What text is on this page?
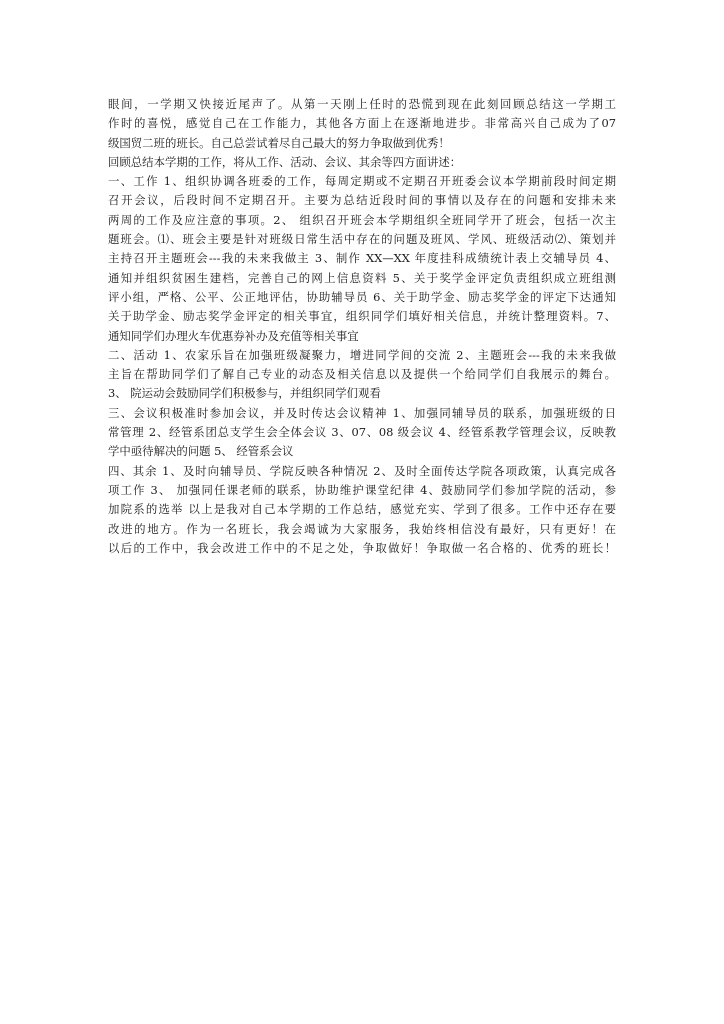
眼间，一学期又快接近尾声了。从第一天刚上任时的恐慌到现在此刻回顾总结这一学期工
作时的喜悦，感觉自己在工作能力，其他各方面上在逐渐地进步。非常高兴自己成为了07
级国贸二班的班长。自己总尝试着尽自己最大的努力争取做到优秀！
回顾总结本学期的工作，将从工作、活动、会议、其余等四方面讲述：
一、工作 1、组织协调各班委的工作，每周定期或不定期召开班委会议本学期前段时间定期
召开会议，后段时间不定期召开。主要为总结近段时间的事情以及存在的问题和安排未来
两周的工作及应注意的事项。2、 组织召开班会本学期组织全班同学开了班会，包括一次主
题班会。⑴、班会主要是针对班级日常生活中存在的问题及班风、学风、班级活动⑵、策划并
主持召开主题班会---我的未来我做主 3、制作 XX—XX 年度挂科成绩统计表上交辅导员 4、
通知并组织贫困生建档，完善自己的网上信息资料 5、关于奖学金评定负责组织成立班组测
评小组，严格、公平、公正地评估，协助辅导员 6、关于助学金、励志奖学金的评定下达通知
关于助学金、励志奖学金评定的相关事宜，组织同学们填好相关信息，并统计整理资料。7、
通知同学们办理火车优惠券补办及充值等相关事宜
二、活动 1、农家乐旨在加强班级凝聚力，增进同学间的交流 2、主题班会---我的未来我做
主旨在帮助同学们了解自己专业的动态及相关信息以及提供一个给同学们自我展示的舞台。
3、 院运动会鼓励同学们积极参与，并组织同学们观看
三、会议积极准时参加会议，并及时传达会议精神 1、加强同辅导员的联系，加强班级的日
常管理 2、经管系团总支学生会全体会议 3、07、08 级会议 4、经管系教学管理会议，反映教
学中亟待解决的问题 5、 经管系会议
四、其余 1、及时向辅导员、学院反映各种情况 2、及时全面传达学院各项政策，认真完成各
项工作 3、 加强同任课老师的联系，协助维护课堂纪律 4、鼓励同学们参加学院的活动，参
加院系的选举 以上是我对自己本学期的工作总结，感觉充实、学到了很多。工作中还存在要
改进的地方。作为一名班长，我会竭诚为大家服务，我始终相信没有最好，只有更好！在
以后的工作中，我会改进工作中的不足之处，争取做好！争取做一名合格的、优秀的班长！
